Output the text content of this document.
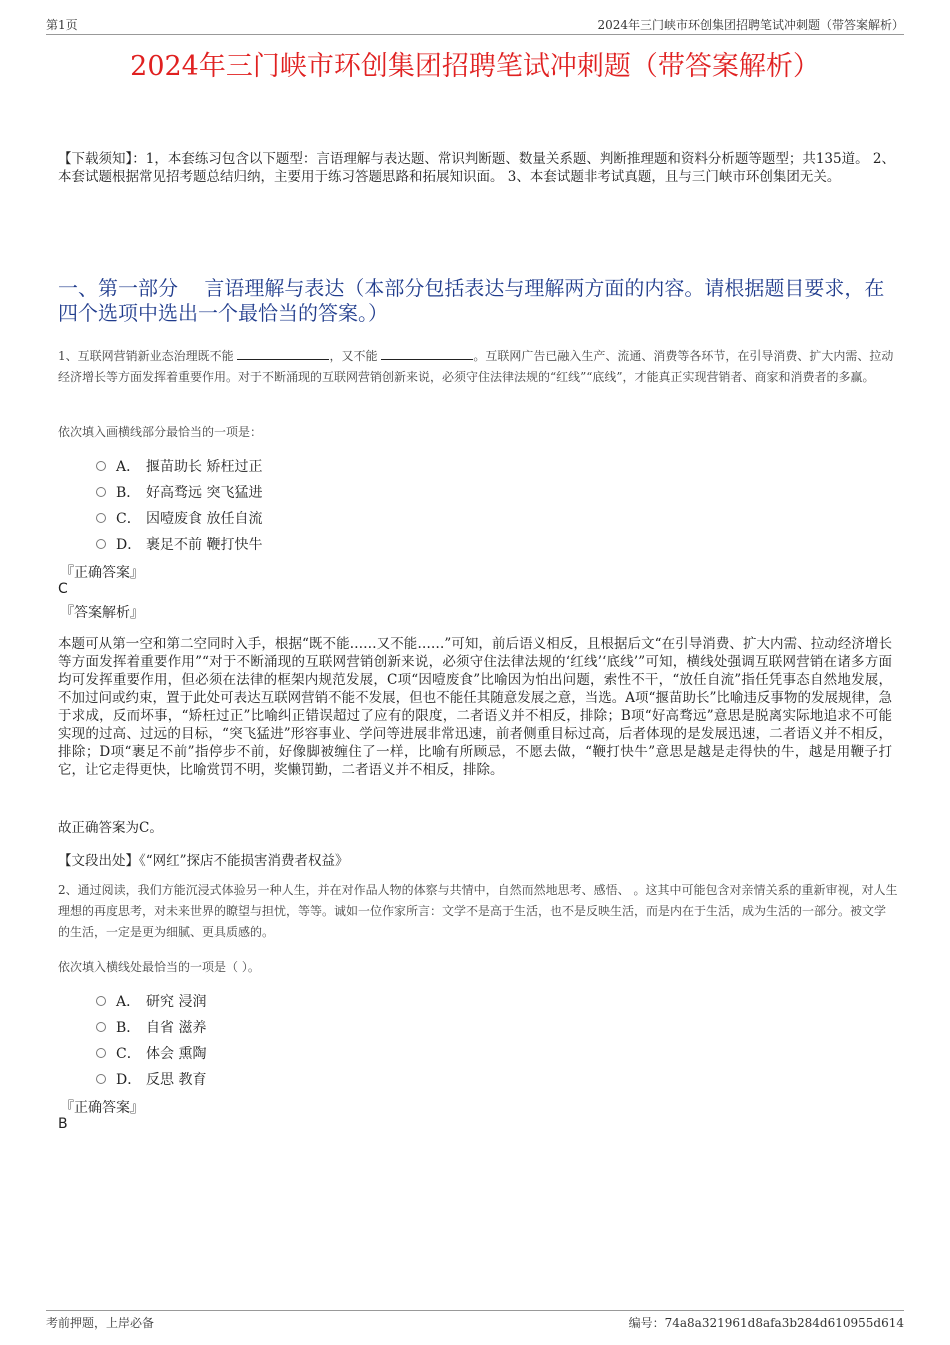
第1页	2024年三门峡市环创集团招聘笔试冲刺题（带答案解析）
2024年三门峡市环创集团招聘笔试冲刺题（带答案解析）
【下载须知】：1，本套练习包含以下题型：言语理解与表达题、常识判断题、数量关系题、判断推理题和资料分析题等题型；共135道。 2、本套试题根据常见招考题总结归纳，主要用于练习答题思路和拓展知识面。 3、本套试题非考试真题，且与三门峡市环创集团无关。
一、第一部分　 言语理解与表达（本部分包括表达与理解两方面的内容。请根据题目要求，在四个选项中选出一个最恰当的答案。）
1、互联网营销新业态治理既不能	，又不能	。互联网广告已融入生产、流通、消费等各环节，在引导消费、扩大内需、拉动经济增长等方面发挥着重要作用。对于不断涌现的互联网营销创新来说，必须守住法律法规的“红线”“底线”，才能真正实现营销者、商家和消费者的多赢。
依次填入画横线部分最恰当的一项是：
A． 揠苗助长 矫枉过正
B． 好高骛远 突飞猛进
C． 因噎废食 放任自流
D． 裹足不前 鞭打快牛
『正确答案』
C
『答案解析』
本题可从第一空和第二空同时入手，根据“既不能……又不能……”可知，前后语义相反，且根据后文“在引导消费、扩大内需、拉动经济增长等方面发挥着重要作用”“对于不断涌现的互联网营销创新来说，必须守住法律法规的‘红线’‘底线’”可知，横线处强调互联网营销在诸多方面均可发挥重要作用，但必须在法律的框架内规范发展，C项“因噎废食”比喻因为怕出问题，索性不干，“放任自流”指任凭事态自然地发展，不加过问或约束，置于此处可表达互联网营销不能不发展，但也不能任其随意发展之意，当选。A项“揠苗助长”比喻违反事物的发展规律，急于求成，反而坏事，“矫枉过正”比喻纠正错误超过了应有的限度，二者语义并不相反，排除；B项“好高骛远”意思是脱离实际地追求不可能实现的过高、过远的目标，“突飞猛进”形容事业、学问等进展非常迅速，前者侧重目标过高，后者体现的是发展迅速，二者语义并不相反，排除；D项“裹足不前”指停步不前，好像脚被缠住了一样，比喻有所顾忌，不愿去做，“鞭打快牛”意思是越是走得快的牛，越是用鞭子打它，让它走得更快，比喻赏罚不明，奖懒罚勤，二者语义并不相反，排除。
故正确答案为C。
【文段出处】《“网红”探店不能损害消费者权益》
2、通过阅读，我们方能沉浸式体验另一种人生，并在对作品人物的体察与共情中，自然而然地思考、感悟、 。这其中可能包含对亲情关系的重新审视，对人生理想的再度思考，对未来世界的瞭望与担忧，等等。诚如一位作家所言：文学不是高于生活，也不是反映生活，而是内在于生活，成为生活的一部分。被文学 的生活，一定是更为细腻、更具质感的。
依次填入横线处最恰当的一项是（ ）。
A． 研究 浸润
B． 自省 滋养
C． 体会 熏陶
D． 反思 教育
『正确答案』
B
考前押题，上岸必备	编号：74a8a321961d8afa3b284d610955d614
